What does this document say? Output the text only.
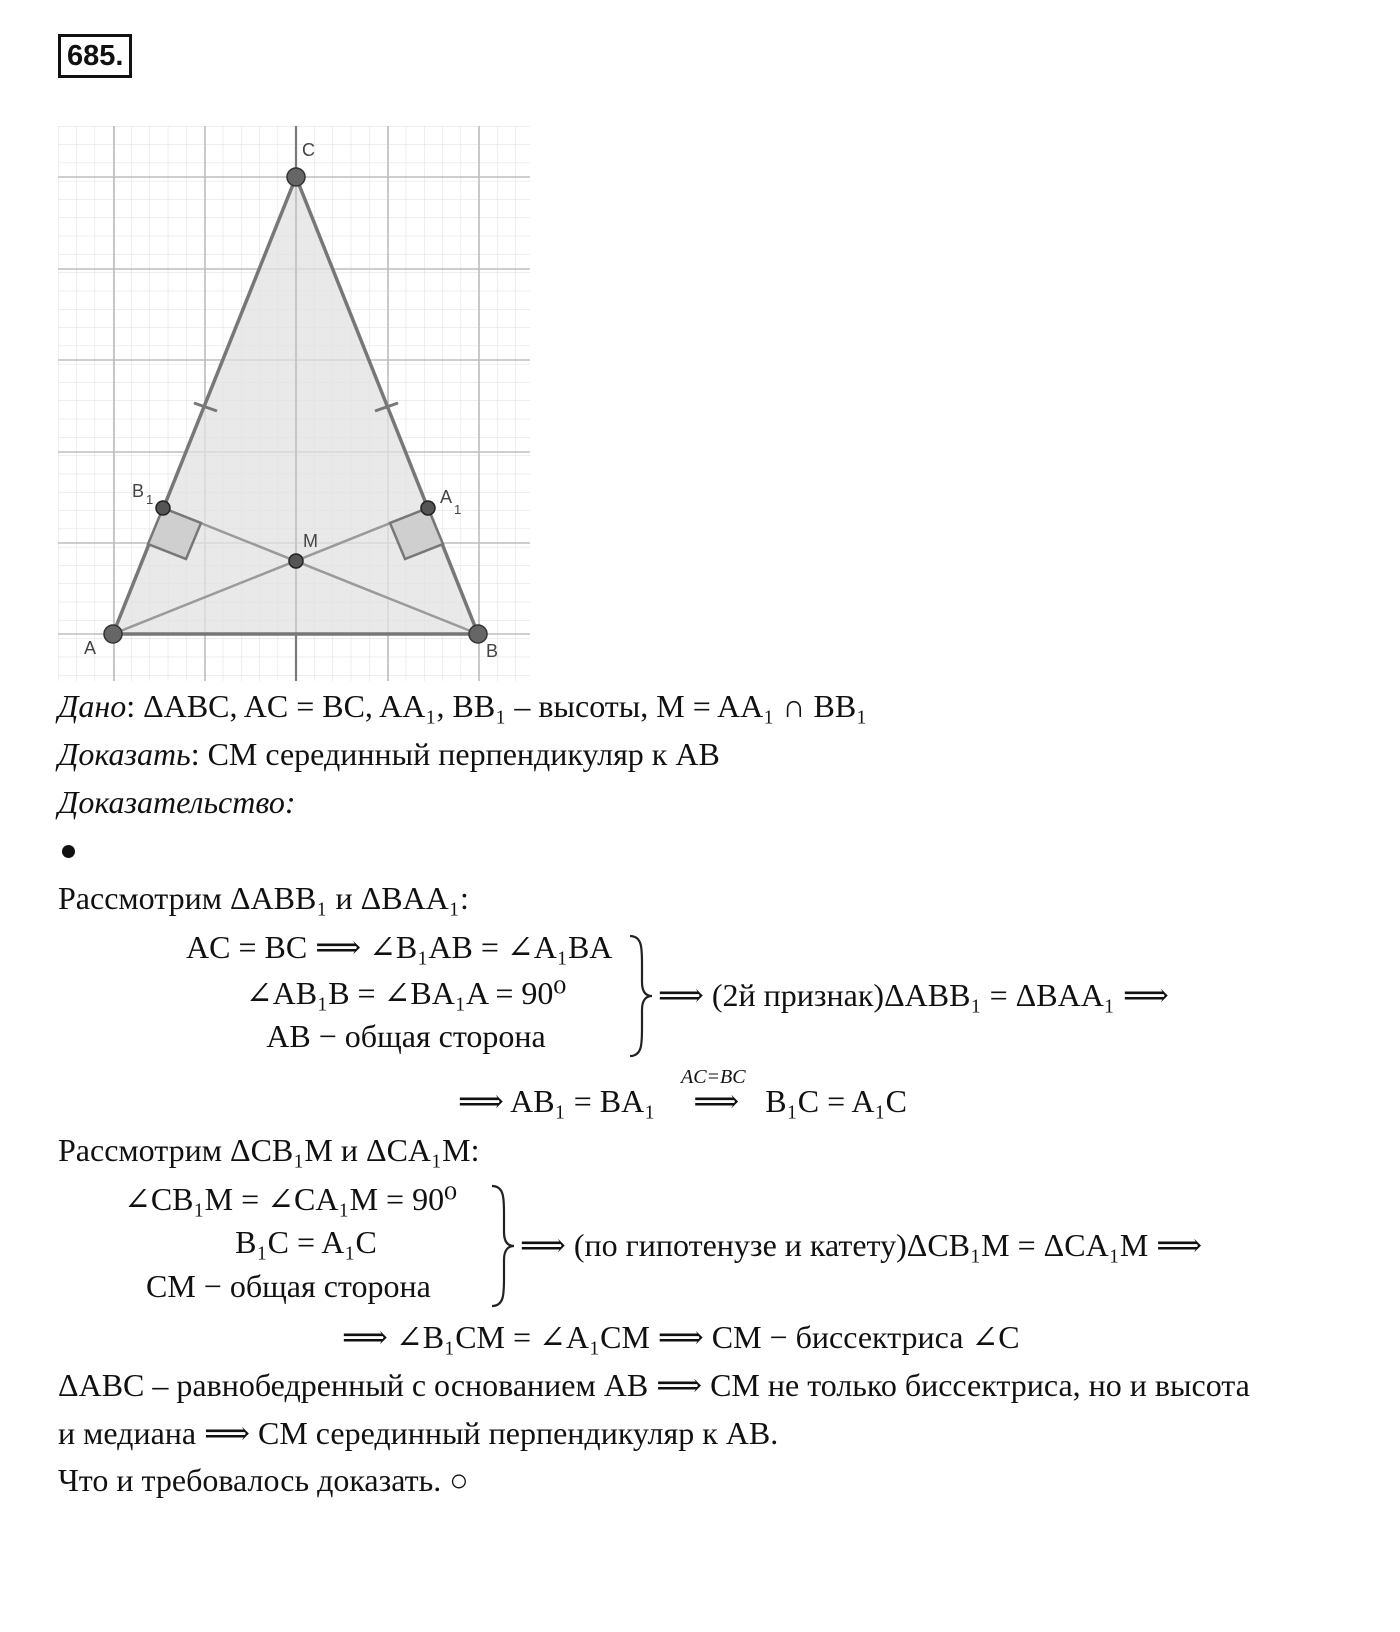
685.
C
A	B
M
B 1	A
1
Дано: ΔABC, AC = BC, AA₁, BB₁ – высоты, M = AA₁ ∩ BB₁
Доказать: CM серединный перпендикуляр к AB
Доказательство:
Рассмотрим ΔABB₁ и ΔBAA₁:
AC = BC ⟹ ∠B₁AB = ∠A₁BA
∠AB₁B = ∠BA₁A = 90⁰
AB − общая сторона
⟹ (2й признак)ΔABB₁ = ΔBAA₁ ⟹
AC=BC
⟹ AB₁ = BA₁ ⟹ B₁C = A₁C
Рассмотрим ΔCB₁M и ΔCA₁M:
∠CB₁M = ∠CA₁M = 90⁰
B₁C = A₁C
CM − общая сторона
⟹ (по гипотенузе и катету)ΔCB₁M = ΔCA₁M ⟹
⟹ ∠B₁CM = ∠A₁CM ⟹ CM − биссектриса ∠C
ΔABC – равнобедренный с основанием AB ⟹ CM не только биссектриса, но и высота
и медиана ⟹ CM серединный перпендикуляр к AB.
Что и требовалось доказать. ○
